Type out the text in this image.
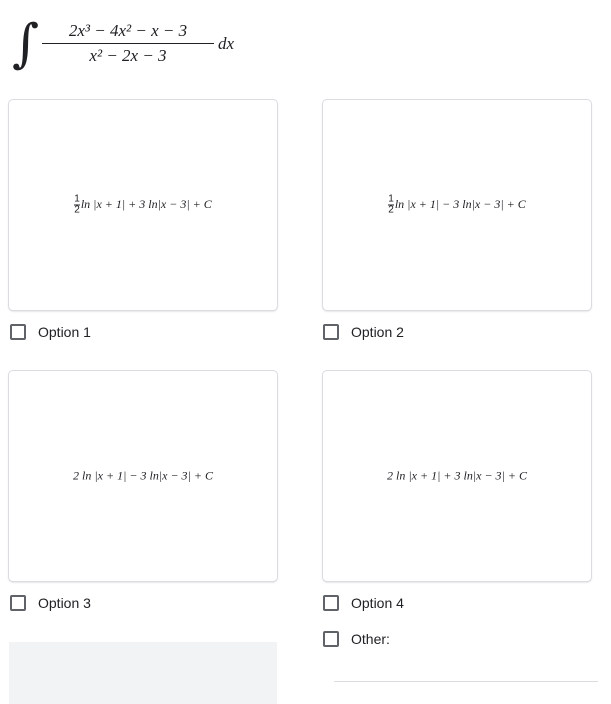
∫	2x³ − 4x² − x − 3
x² − 2x − 3
dx
$\frac{1}{2}\ln$ |x + 1| + 3 ln|x − 3| + C
Option 1
$\frac{1}{2}\ln$ |x + 1| − 3 ln|x − 3| + C
Option 2
2 ln |x + 1| − 3 ln|x − 3| + C
Option 3
2 ln |x + 1| + 3 ln|x − 3| + C
Option 4
Other:
